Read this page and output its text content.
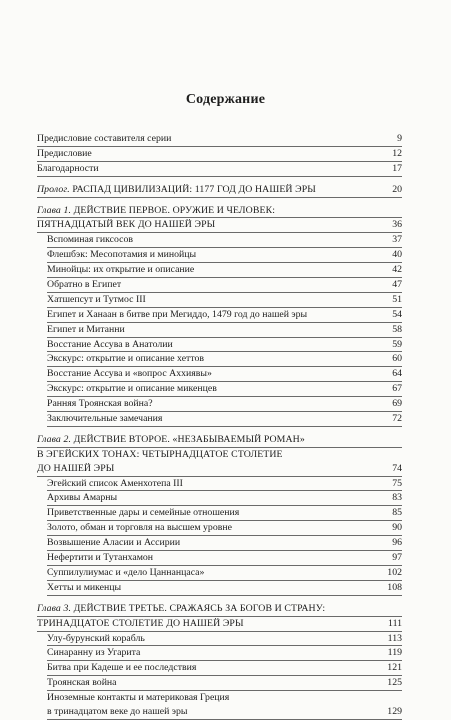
Содержание
Предисловие составителя серии	9
Предисловие	12
Благодарности	17
Пролог. РАСПАД ЦИВИЛИЗАЦИЙ: 1177 ГОД ДО НАШЕЙ ЭРЫ	20
Глава 1. ДЕЙСТВИЕ ПЕРВОЕ. ОРУЖИЕ И ЧЕЛОВЕК:
ПЯТНАДЦАТЫЙ ВЕК ДО НАШЕЙ ЭРЫ	36
Вспоминая гиксосов	37
Флешбэк: Месопотамия и минойцы	40
Минойцы: их открытие и описание	42
Обратно в Египет	47
Хатшепсут и Тутмос III	51
Египет и Ханаан в битве при Мегиддо, 1479 год до нашей эры	54
Египет и Митанни	58
Восстание Ассува в Анатолии	59
Экскурс: открытие и описание хеттов	60
Восстание Ассува и «вопрос Аххиявы»	64
Экскурс: открытие и описание микенцев	67
Ранняя Троянская война?	69
Заключительные замечания	72
Глава 2. ДЕЙСТВИЕ ВТОРОЕ. «НЕЗАБЫВАЕМЫЙ РОМАН»
В ЭГЕЙСКИХ ТОНАХ: ЧЕТЫРНАДЦАТОЕ СТОЛЕТИЕ
ДО НАШЕЙ ЭРЫ	74
Эгейский список Аменхотепа III	75
Архивы Амарны	83
Приветственные дары и семейные отношения	85
Золото, обман и торговля на высшем уровне	90
Возвышение Аласии и Ассирии	96
Нефертити и Тутанхамон	97
Суппилулиумас и «дело Цаннанцаса»	102
Хетты и микенцы	108
Глава 3. ДЕЙСТВИЕ ТРЕТЬЕ. СРАЖАЯСЬ ЗА БОГОВ И СТРАНУ:
ТРИНАДЦАТОЕ СТОЛЕТИЕ ДО НАШЕЙ ЭРЫ	111
Улу-бурунский корабль	113
Синаранну из Угарита	119
Битва при Кадеше и ее последствия	121
Троянская война	125
Иноземные контакты и материковая Греция
в тринадцатом веке до нашей эры	129
